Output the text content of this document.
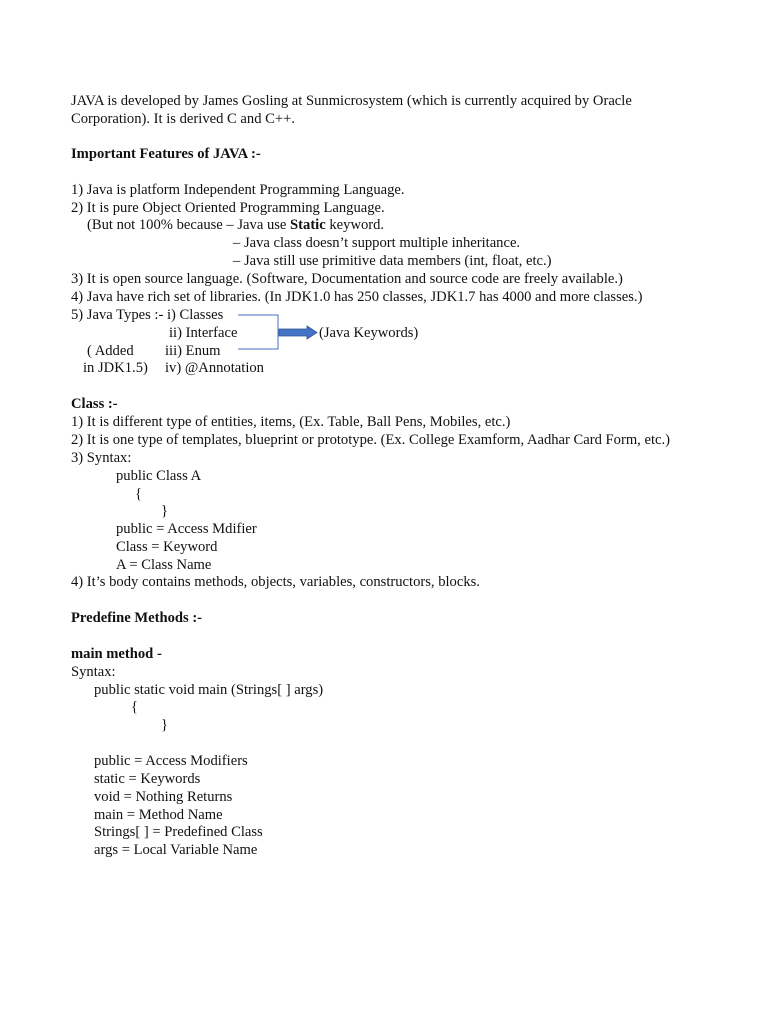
JAVA is developed by James Gosling at Sunmicrosystem (which is currently acquired by Oracle
Corporation). It is derived C and C++.
Important Features of JAVA :-
1) Java is platform Independent Programming Language.
2) It is pure Object Oriented Programming Language.
(But not 100% because – Java use Static keyword.
– Java class doesn’t support multiple inheritance.
– Java still use primitive data members (int, float, etc.)
3) It is open source language. (Software, Documentation and source code are freely available.)
4) Java have rich set of libraries. (In JDK1.0 has 250 classes, JDK1.7 has 4000 and more classes.)
5) Java Types :- i) Classes
ii) Interface	(Java Keywords)
( Added iii) Enum
in JDK1.5) iv) @Annotation
Class :-
1) It is different type of entities, items, (Ex. Table, Ball Pens, Mobiles, etc.)
2) It is one type of templates, blueprint or prototype. (Ex. College Examform, Aadhar Card Form, etc.)
3) Syntax:
public Class A
{
}
public = Access Mdifier
Class = Keyword
A = Class Name
4) It’s body contains methods, objects, variables, constructors, blocks.
Predefine Methods :-
main method -
Syntax:
public static void main (Strings[ ] args)
{
}
public = Access Modifiers
static = Keywords
void = Nothing Returns
main = Method Name
Strings[ ] = Predefined Class
args = Local Variable Name
